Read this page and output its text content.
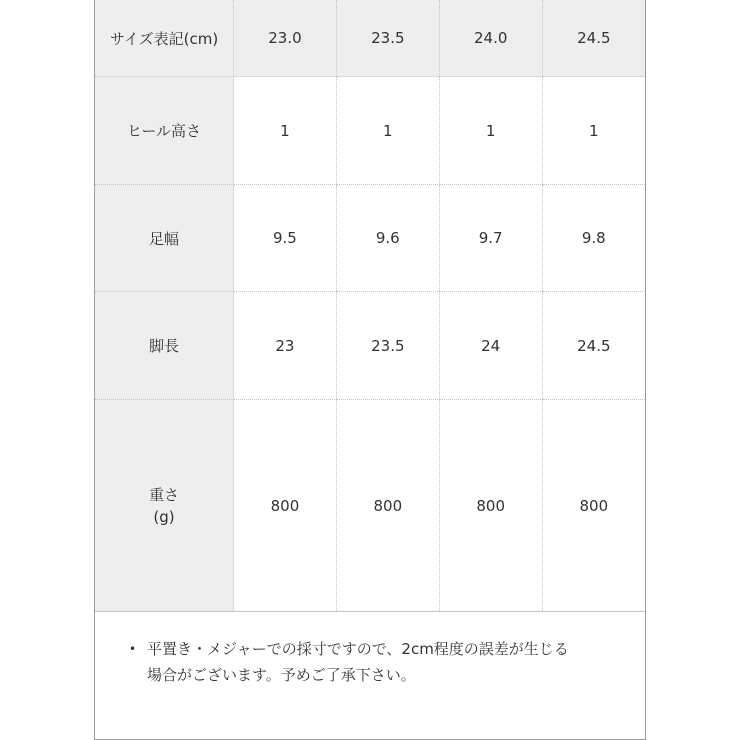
サイズ表記(cm)	23.0	23.5	24.0	24.5
ヒール高さ	1	1	1	1
足幅	9.5	9.6	9.7	9.8
脚長	23	23.5	24	24.5

重さ
(g)	800	800	800	800
• 平置き・メジャーでの採寸ですので、2cm程度の誤差が生じる
場合がございます。予めご了承下さい。
